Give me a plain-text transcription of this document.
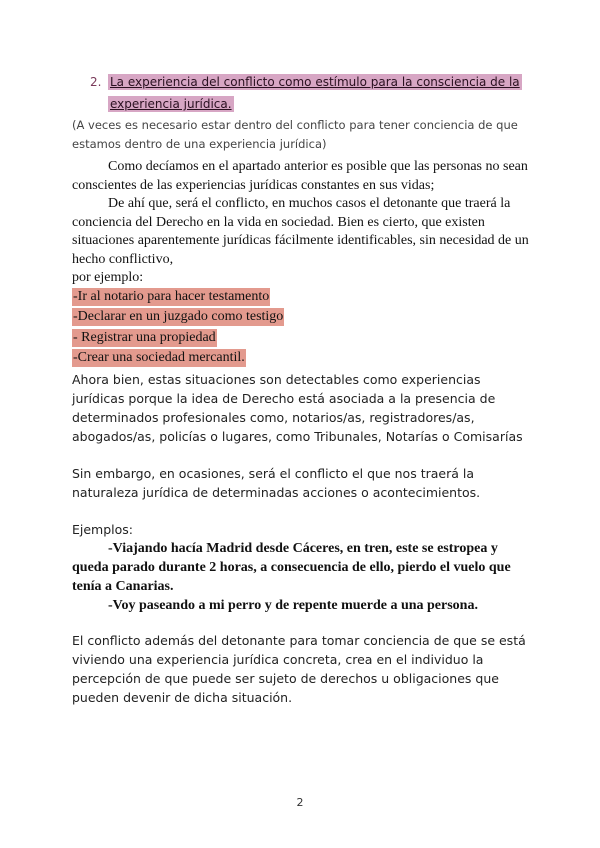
2. La experiencia del conflicto como estímulo para la consciencia de la
experiencia jurídica.
(A veces es necesario estar dentro del conflicto para tener conciencia de que estamos dentro de una experiencia jurídica)
Como decíamos en el apartado anterior es posible que las personas no sean conscientes de las experiencias jurídicas constantes en sus vidas;
De ahí que, será el conflicto, en muchos casos el detonante que traerá la conciencia del Derecho en la vida en sociedad. Bien es cierto, que existen situaciones aparentemente jurídicas fácilmente identificables, sin necesidad de un hecho conflictivo,
por ejemplo:
-Ir al notario para hacer testamento
-Declarar en un juzgado como testigo
- Registrar una propiedad
-Crear una sociedad mercantil.
Ahora bien, estas situaciones son detectables como experiencias jurídicas porque la idea de Derecho está asociada a la presencia de determinados profesionales como, notarios/as, registradores/as, abogados/as, policías o lugares, como Tribunales, Notarías o Comisarías
Sin embargo, en ocasiones, será el conflicto el que nos traerá la naturaleza jurídica de determinadas acciones o acontecimientos.
Ejemplos:
-Viajando hacía Madrid desde Cáceres, en tren, este se estropea y queda parado durante 2 horas, a consecuencia de ello, pierdo el vuelo que tenía a Canarias.
-Voy paseando a mi perro y de repente muerde a una persona.
El conflicto además del detonante para tomar conciencia de que se está viviendo una experiencia jurídica concreta, crea en el individuo la percepción de que puede ser sujeto de derechos u obligaciones que pueden devenir de dicha situación.
2
